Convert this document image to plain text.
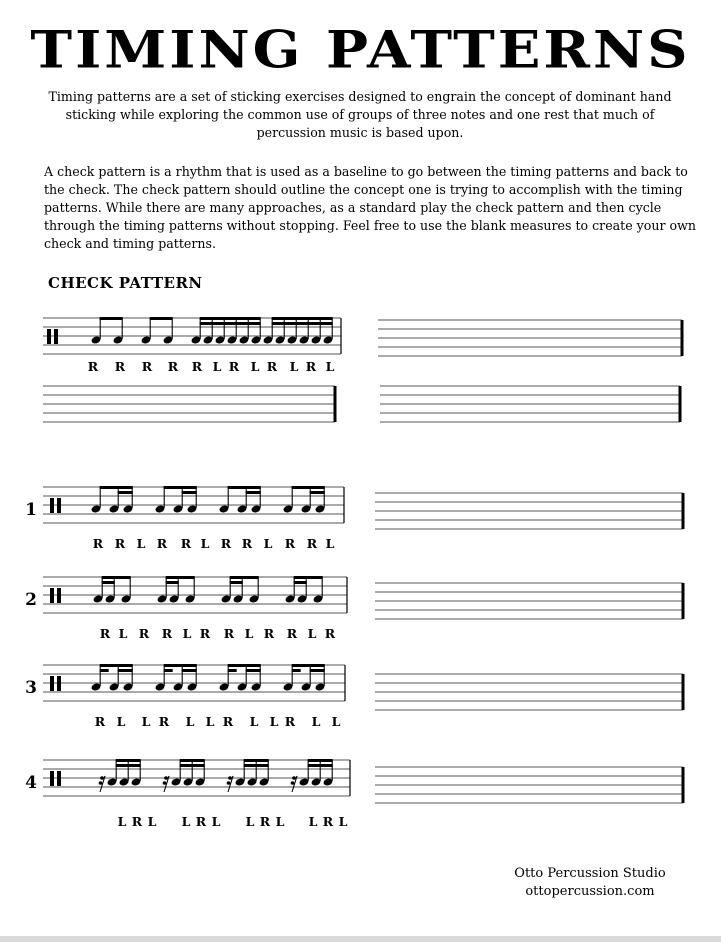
TIMING PATTERNS

Timing patterns are a set of sticking exercises designed to engrain the concept of dominant hand sticking while exploring the common use of groups of three notes and one rest that much of percussion music is based upon.

A check pattern is a rhythm that is used as a baseline to go between the timing patterns and back to the check. The check pattern should outline the concept one is trying to accomplish with the timing patterns. While there are many approaches, as a standard play the check pattern and then cycle through the timing patterns without stopping. Feel free to use the blank measures to create your own check and timing patterns.

CHECK PATTERN
R R R R R L R L R L R L
1
R R L R R L R R L R R L
2
R L R R L R R L R R L R
3
R L L R L L R L L R L L
4
L R L L R L L R L L R L
Otto Percussion Studio
ottopercussion.com
